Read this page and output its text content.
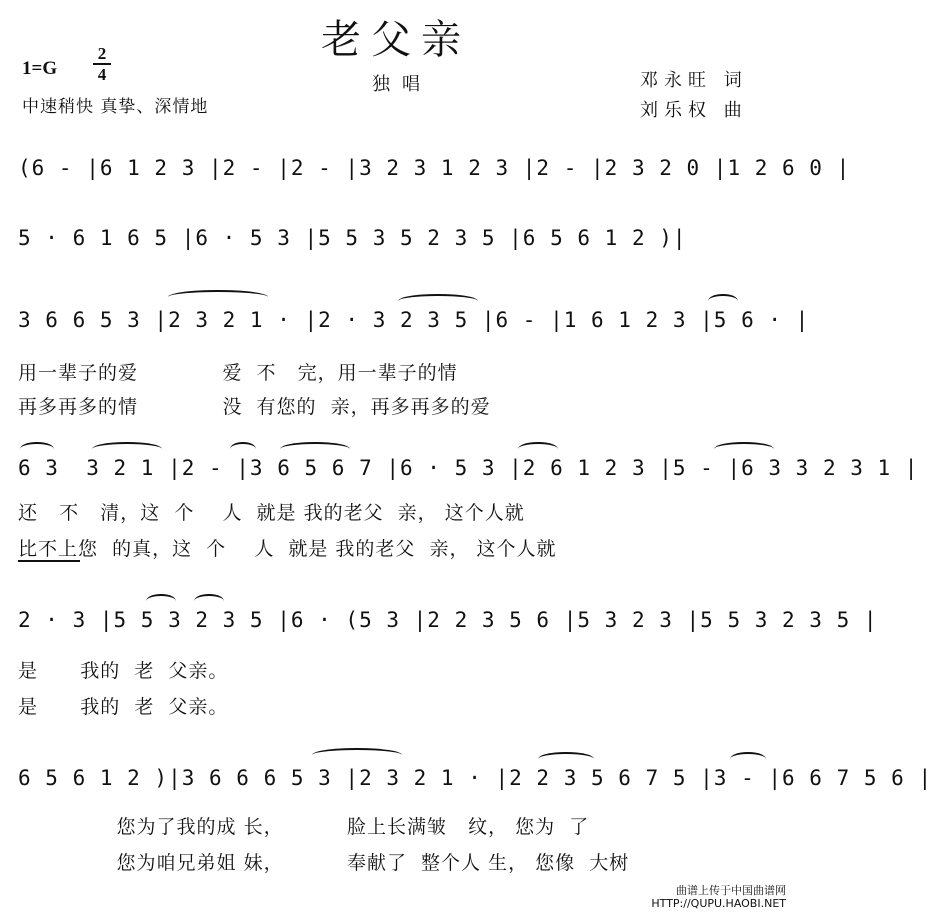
老父亲
1=G
2
4	独唱
中速稍快 真挚、深情地
邓永旺 词
刘乐权 曲
(6 - |6 1 2 3 |2 - |2 - |3 2 3 1 2 3 |2 - |2 3 2 0 |1 2 6 0 |
5 · 6 1 6 5 |6 · 5 3 |5 5 3 5 2 3 5 |6 5 6 1 2 )|
3 6 6 5 3 |2 3 2 1 · |2 · 3 2 3 5 |6 - |1 6 1 2 3 |5 6 · |
用一辈子的爱            爱  不   完，用一辈子的情
再多再多的情            没  有您的  亲，再多再多的爱
6 3  3 2 1 |2 - |3 6 5 6 7 |6 · 5 3 |2 6 1 2 3 |5 - |6 3 3 2 3 1 |
还   不   清，这  个    人  就是 我的老父  亲， 这个人就
比不上您  的真，这  个    人  就是 我的老父  亲， 这个人就
2 · 3 |5 5 3 2 3 5 |6 · (5 3 |2 2 3 5 6 |5 3 2 3 |5 5 3 2 3 5 |
是      我的  老  父亲。
是      我的  老  父亲。
6 5 6 1 2 )|3 6 6 6 5 3 |2 3 2 1 · |2 2 3 5 6 7 5 |3 - |6 6 7 5 6 |
您为了我的成 长，         脸上长满皱   纹， 您为  了
您为咱兄弟姐 妹，         奉献了  整个人 生， 您像  大树
曲谱上传于中国曲谱网
HTTP://QUPU.HAOBI.NET
